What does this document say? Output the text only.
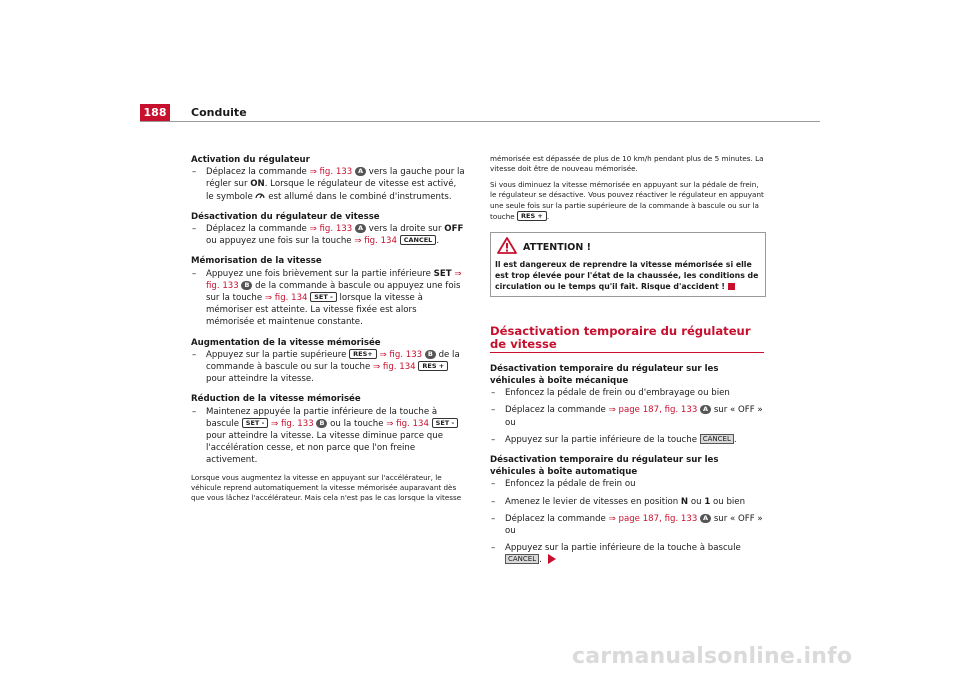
188	Conduite
Activation du régulateur
– Déplacez la commande ⇒ fig. 133 A vers la gauche pour la régler sur ON. Lorsque le régulateur de vitesse est activé, le symbole est allumé dans le combiné d'instruments.
Désactivation du régulateur de vitesse
– Déplacez la commande ⇒ fig. 133 A vers la droite sur OFF ou appuyez une fois sur la touche ⇒ fig. 134 CANCEL .
Mémorisation de la vitesse
– Appuyez une fois brièvement sur la partie inférieure SET ⇒ fig. 133 B de la commande à bascule ou appuyez une fois sur la touche ⇒ fig. 134 SET - lorsque la vitesse à mémoriser est atteinte. La vitesse fixée est alors mémorisée et maintenue constante.
Augmentation de la vitesse mémorisée
– Appuyez sur la partie supérieure RES+ ⇒ fig. 133 B de la commande à bascule ou sur la touche ⇒ fig. 134 RES + pour atteindre la vitesse.
Réduction de la vitesse mémorisée
– Maintenez appuyée la partie inférieure de la touche à bascule SET - ⇒ fig. 133 B ou la touche ⇒ fig. 134 SET - pour atteindre la vitesse. La vitesse diminue parce que l'accélération cesse, et non parce que l'on freine activement.
Lorsque vous augmentez la vitesse en appuyant sur l'accélérateur, le véhicule reprend automatiquement la vitesse mémorisée auparavant dès que vous lâchez l'accélérateur. Mais cela n'est pas le cas lorsque la vitesse
mémorisée est dépassée de plus de 10 km/h pendant plus de 5 minutes. La vitesse doit être de nouveau mémorisée.
Si vous diminuez la vitesse mémorisée en appuyant sur la pédale de frein, le régulateur se désactive. Vous pouvez réactiver le régulateur en appuyant une seule fois sur la partie supérieure de la commande à bascule ou sur la touche RES + .
ATTENTION !
Il est dangereux de reprendre la vitesse mémorisée si elle est trop élevée pour l'état de la chaussée, les conditions de circulation ou le temps qu'il fait. Risque d'accident !
Désactivation temporaire du régulateur de vitesse
Désactivation temporaire du régulateur sur les véhicules à boîte mécanique
– Enfoncez la pédale de frein ou d'embrayage ou bien
– Déplacez la commande ⇒ page 187, fig. 133 A sur « OFF » ou
– Appuyez sur la partie inférieure de la touche CANCEL .
Désactivation temporaire du régulateur sur les véhicules à boîte automatique
– Enfoncez la pédale de frein ou
– Amenez le levier de vitesses en position N ou 1 ou bien
– Déplacez la commande ⇒ page 187, fig. 133 A sur « OFF » ou
– Appuyez sur la partie inférieure de la touche à bascule CANCEL .
carmanualsonline.info
